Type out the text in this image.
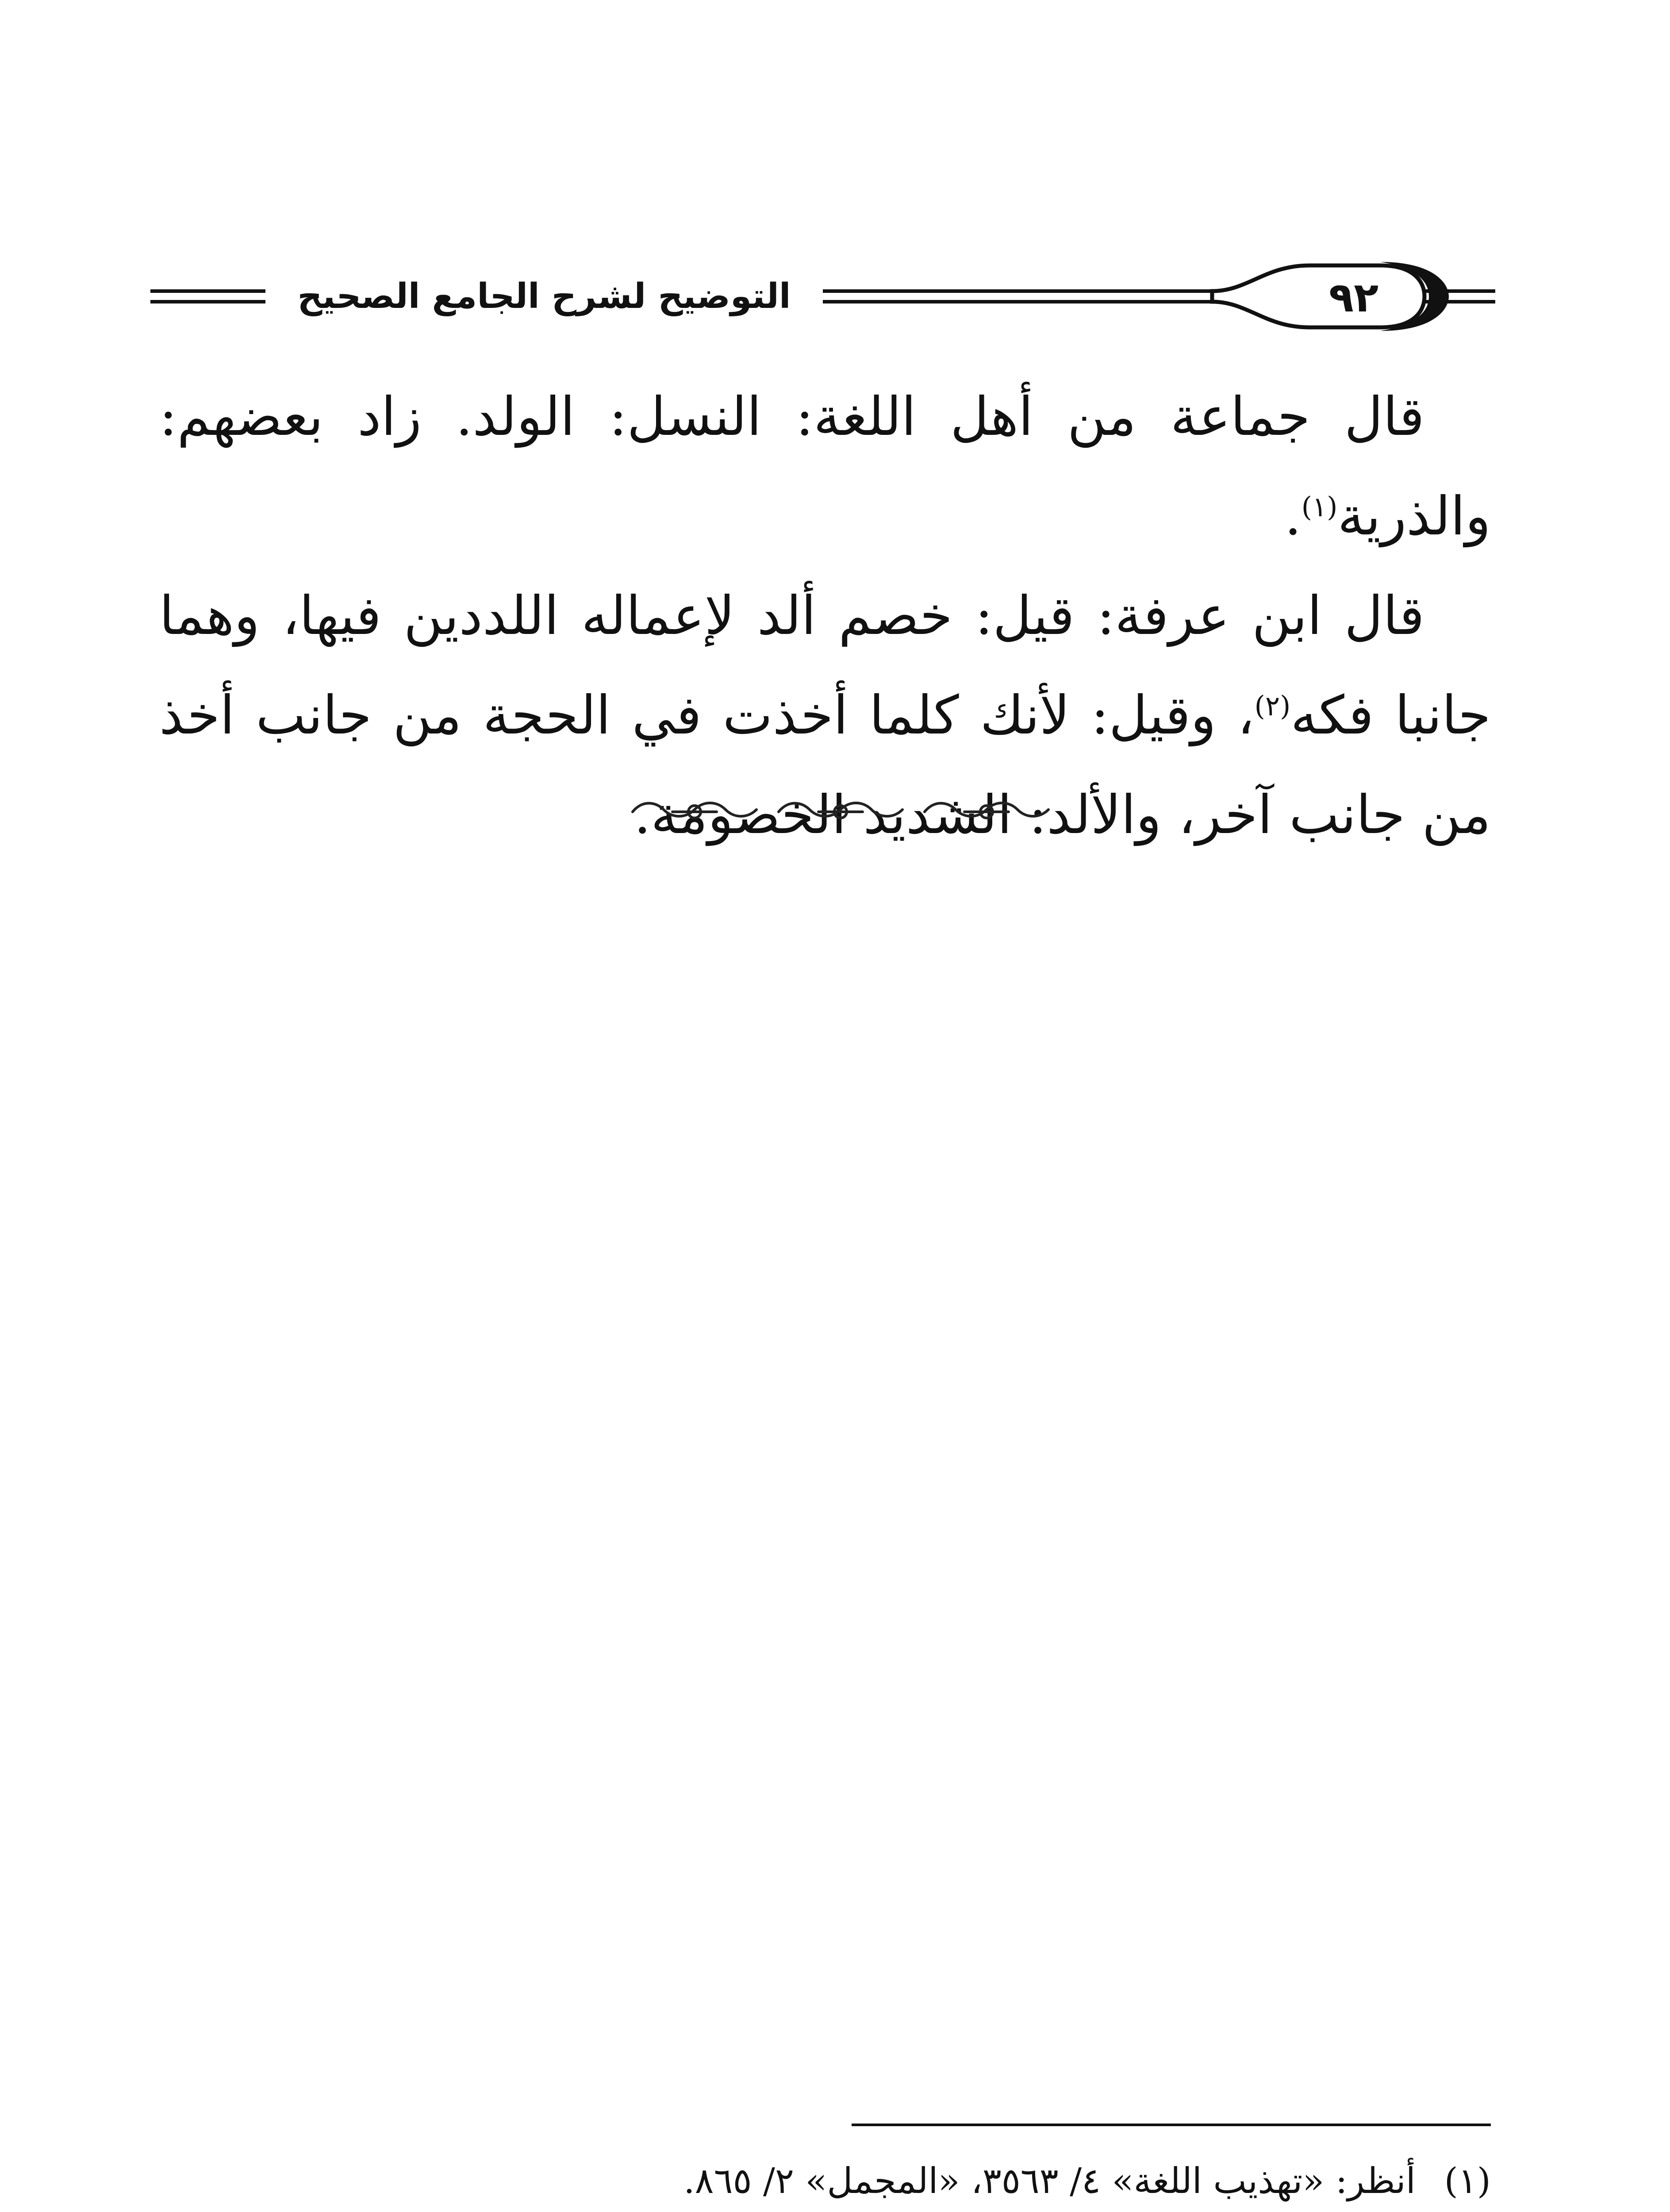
التوضيح لشرح الجامع الصحيح	٩٢

قال جماعة من أهل اللغة: النسل: الولد. زاد بعضهم: والذرية$^{(١)}$.

قال ابن عرفة: قيل: خصم ألد لإعماله اللددين فيها، وهما جانبا فكه$^{(٢)}$، وقيل: لأنك كلما أخذت في الحجة من جانب أخذ من جانب آخر، والألد: الشديد الخصومة.

(١)
أنظر: «تهذيب اللغة» ٤/ ٣٥٦٣، «المجمل» ٢/ ٨٦٥.
